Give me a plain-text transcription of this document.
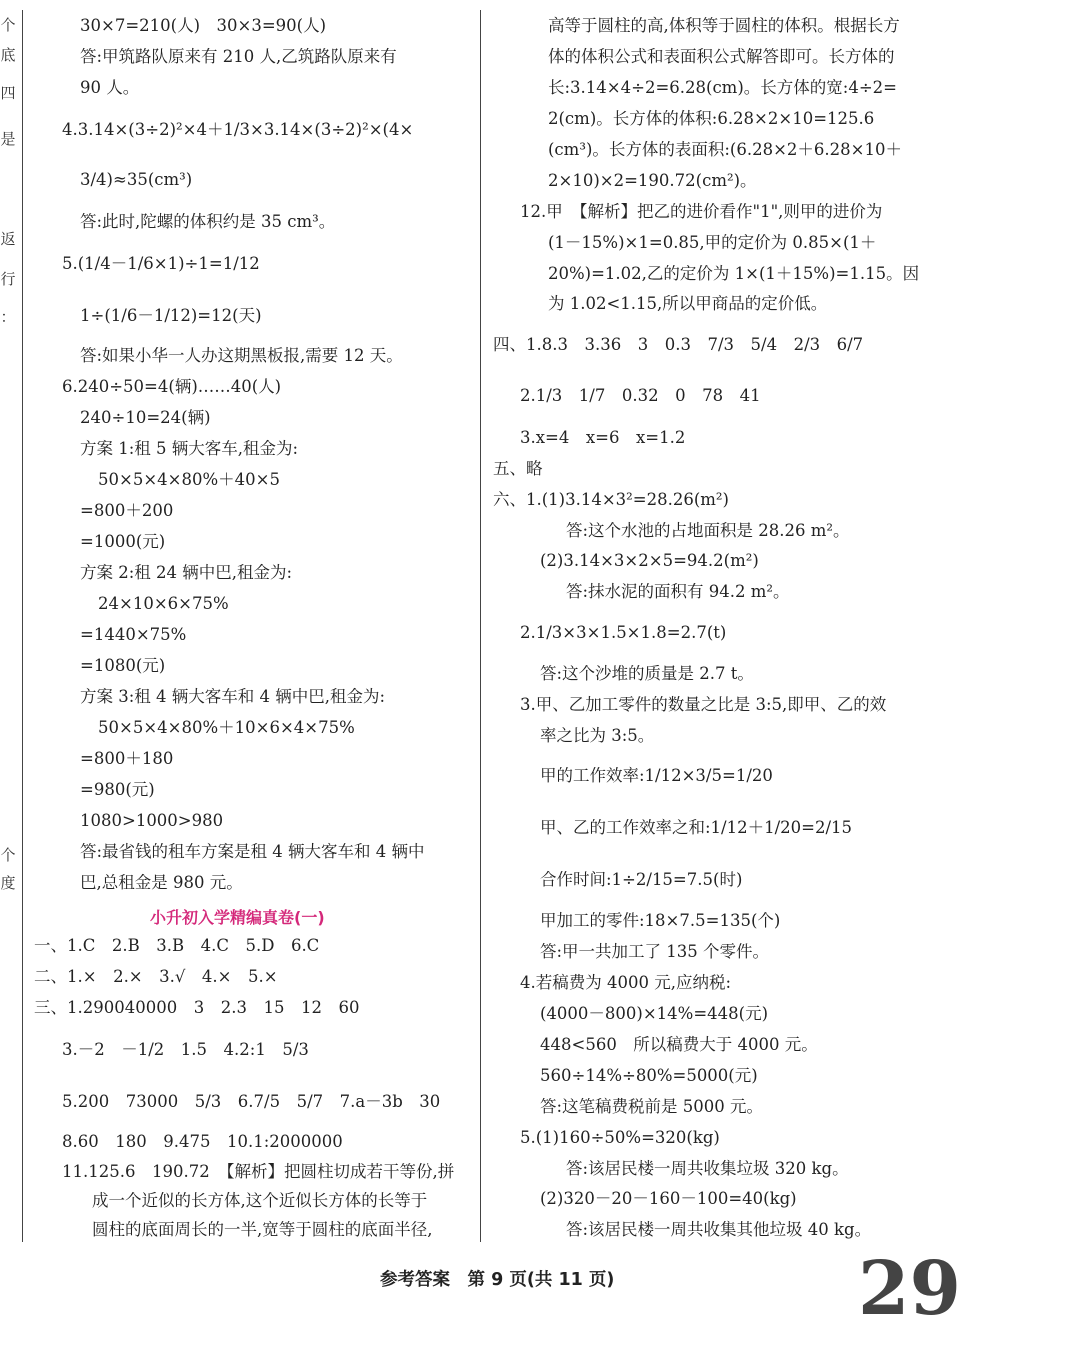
个
底
四
是
返
行
：
个
度
30×7=210(人)　30×3=90(人)
答:甲筑路队原来有 210 人,乙筑路队原来有
90 人。
4.3.14×(3÷2)²×4＋1/3×3.14×(3÷2)²×(4×
3/4)≈35(cm³)
答:此时,陀螺的体积约是 35 cm³。
5.(1/4－1/6×1)÷1=1/12
1÷(1/6－1/12)=12(天)
答:如果小华一人办这期黑板报,需要 12 天。
6.240÷50=4(辆)……40(人)
240÷10=24(辆)
方案 1:租 5 辆大客车,租金为:
50×5×4×80%＋40×5
=800＋200
=1000(元)
方案 2:租 24 辆中巴,租金为:
24×10×6×75%
=1440×75%
=1080(元)
方案 3:租 4 辆大客车和 4 辆中巴,租金为:
50×5×4×80%＋10×6×4×75%
=800＋180
=980(元)
1080>1000>980
答:最省钱的租车方案是租 4 辆大客车和 4 辆中
巴,总租金是 980 元。
小升初入学精编真卷(一)
一、1.C　2.B　3.B　4.C　5.D　6.C
二、1.×　2.×　3.√　4.×　5.×
三、1.290040000　3　2.3　15　12　60
3.－2　－1/2　1.5　4.2:1　5/3
5.200　73000　5/3　6.7/5　5/7　7.a－3b　30
8.60　180　9.475　10.1:2000000
11.125.6　190.72　【解析】把圆柱切成若干等份,拼
成一个近似的长方体,这个近似长方体的长等于
圆柱的底面周长的一半,宽等于圆柱的底面半径,
高等于圆柱的高,体积等于圆柱的体积。根据长方
体的体积公式和表面积公式解答即可。长方体的
长:3.14×4÷2=6.28(cm)。长方体的宽:4÷2=
2(cm)。长方体的体积:6.28×2×10=125.6
(cm³)。长方体的表面积:(6.28×2＋6.28×10＋
2×10)×2=190.72(cm²)。
12.甲　【解析】把乙的进价看作"1",则甲的进价为
(1－15%)×1=0.85,甲的定价为 0.85×(1＋
20%)=1.02,乙的定价为 1×(1＋15%)=1.15。因
为 1.02<1.15,所以甲商品的定价低。
四、1.8.3　3.36　3　0.3　7/3　5/4　2/3　6/7
2.1/3　1/7　0.32　0　78　41
3.x=4　x=6　x=1.2
五、略
六、1.(1)3.14×3²=28.26(m²)
答:这个水池的占地面积是 28.26 m²。
(2)3.14×3×2×5=94.2(m²)
答:抹水泥的面积有 94.2 m²。
2.1/3×3×1.5×1.8=2.7(t)
答:这个沙堆的质量是 2.7 t。
3.甲、乙加工零件的数量之比是 3:5,即甲、乙的效
率之比为 3:5。
甲的工作效率:1/12×3/5=1/20
甲、乙的工作效率之和:1/12＋1/20=2/15
合作时间:1÷2/15=7.5(时)
甲加工的零件:18×7.5=135(个)
答:甲一共加工了 135 个零件。
4.若稿费为 4000 元,应纳税:
(4000－800)×14%=448(元)
448<560　所以稿费大于 4000 元。
560÷14%÷80%=5000(元)
答:这笔稿费税前是 5000 元。
5.(1)160÷50%=320(kg)
答:该居民楼一周共收集垃圾 320 kg。
(2)320－20－160－100=40(kg)
答:该居民楼一周共收集其他垃圾 40 kg。
参考答案　第 9 页(共 11 页)	29
